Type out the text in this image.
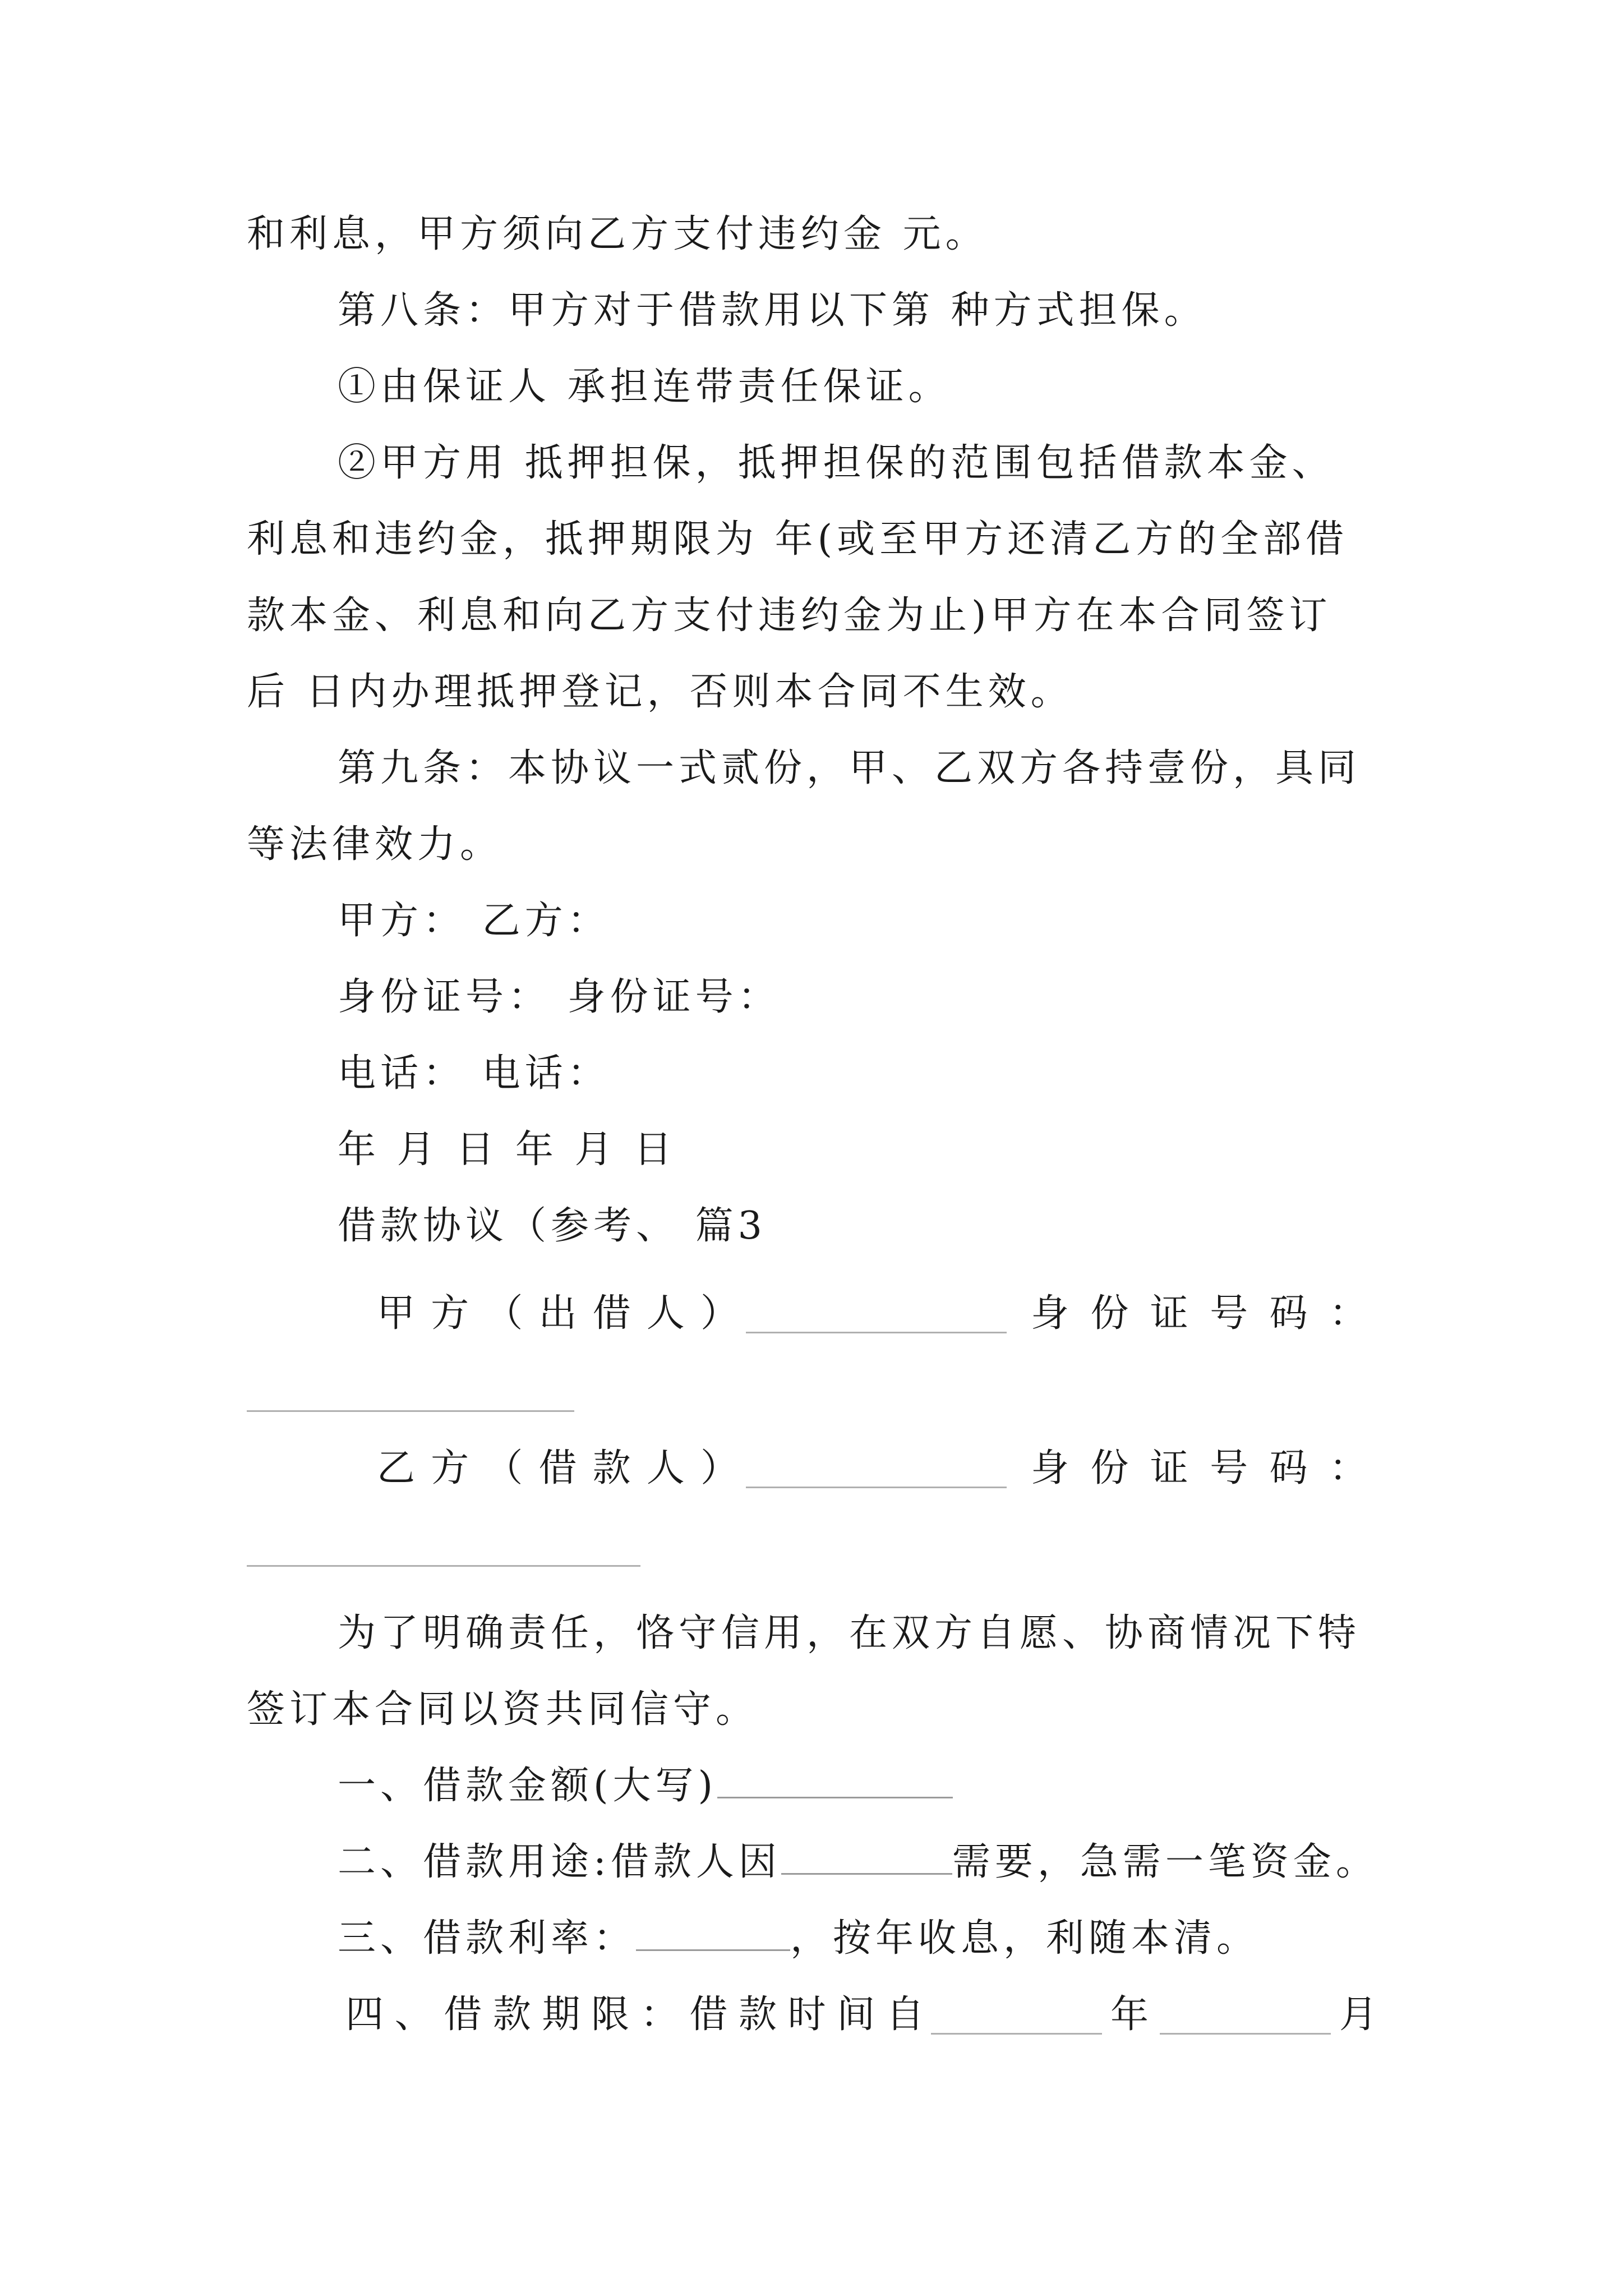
和利息，甲方须向乙方支付违约金 元。
第八条：甲方对于借款用以下第 种方式担保。
①由保证人 承担连带责任保证。
②甲方用 抵押担保，抵押担保的范围包括借款本金、
利息和违约金，抵押期限为 年(或至甲方还清乙方的全部借
款本金、利息和向乙方支付违约金为止)甲方在本合同签订
后 日内办理抵押登记，否则本合同不生效。
第九条：本协议一式贰份，甲、乙双方各持壹份，具同
等法律效力。
甲方： 乙方：
身份证号： 身份证号：
电话： 电话：
年 月 日 年 月 日
借款协议（参考、 篇3
甲 方 （ 出 借 人 ）	身 份 证 号 码 ：
乙 方 （ 借 款 人 ）	身 份 证 号 码 ：
为了明确责任，恪守信用，在双方自愿、协商情况下特
签订本合同以资共同信守。
一、借款金额(大写)
二、借款用途:借款人因	需要，急需一笔资金。
三、借款利率：	，按年收息，利随本清。
四 、 借 款 期 限 ： 借 款 时 间 自	年	月
